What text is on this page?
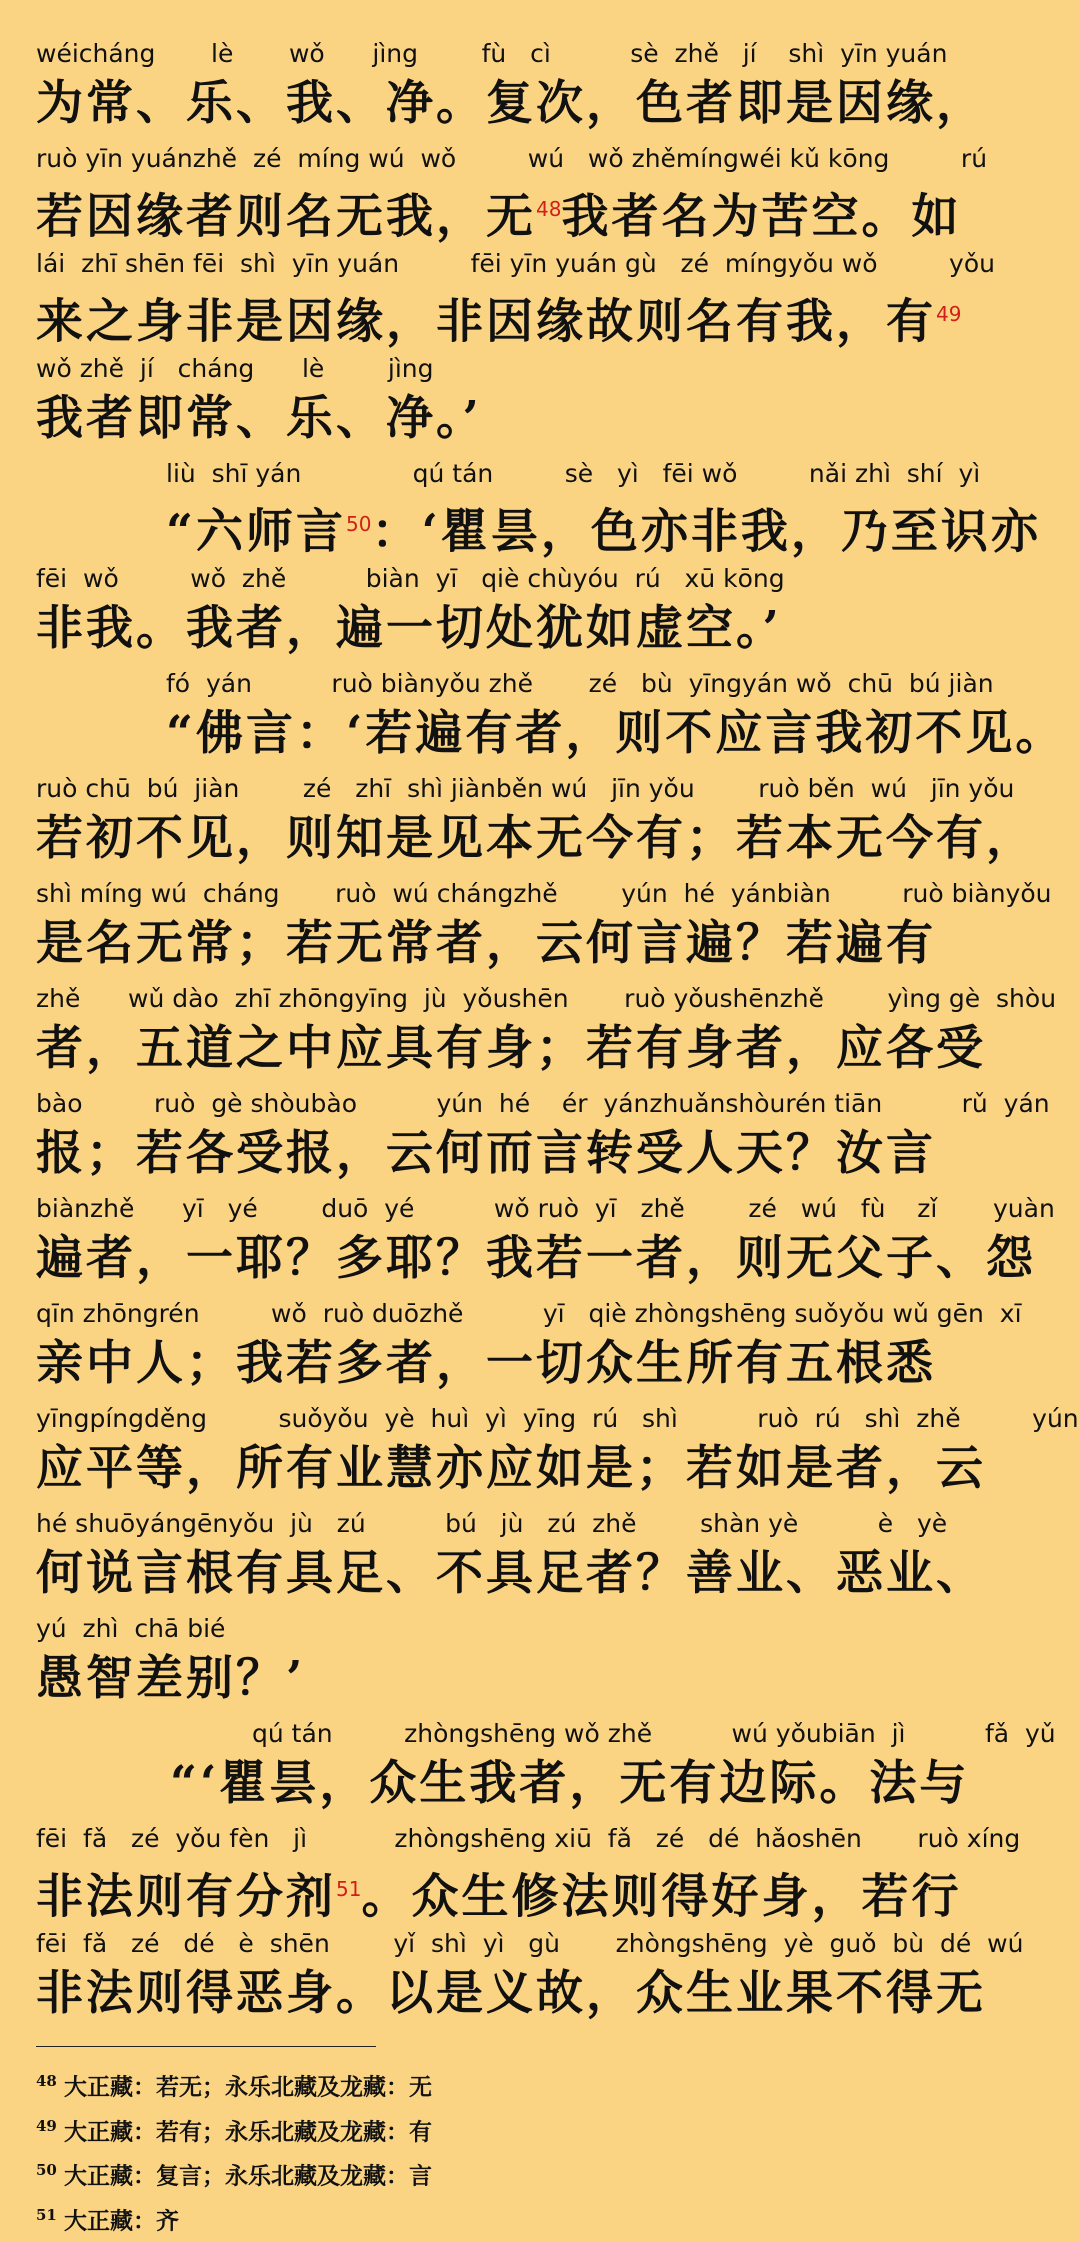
wéicháng       lè       wǒ      jìng        fù   cì          sè  zhě   jí    shì  yīn yuán
为常、乐、我、净。复次，色者即是因缘，
ruò yīn yuánzhě  zé  míng wú  wǒ         wú   wǒ zhěmíngwéi kǔ kōng         rú
若因缘者则名无我，无$^{48}$我者名为苦空。如
lái  zhī shēn fēi  shì  yīn yuán         fēi yīn yuán gù   zé  míngyǒu wǒ         yǒu
来之身非是因缘，非因缘故则名有我，有$^{49}$
wǒ zhě  jí   cháng      lè        jìng
我者即常、乐、净。’
liù  shī yán              qú tán         sè   yì   fēi wǒ         nǎi zhì  shí  yì
“六师言$^{50}$：‘瞿昙，色亦非我，乃至识亦
fēi  wǒ         wǒ  zhě          biàn  yī   qiè chùyóu  rú   xū kōng
非我。我者，遍一切处犹如虚空。’
fó  yán          ruò biànyǒu zhě       zé   bù  yīngyán wǒ  chū  bú jiàn
“佛言：‘若遍有者，则不应言我初不见。
ruò chū  bú  jiàn        zé   zhī  shì jiànběn wú   jīn yǒu        ruò běn  wú   jīn yǒu
若初不见，则知是见本无今有；若本无今有，
shì míng wú  cháng       ruò  wú chángzhě        yún  hé  yánbiàn         ruò biànyǒu
是名无常；若无常者，云何言遍？若遍有
zhě      wǔ dào  zhī zhōngyīng  jù  yǒushēn       ruò yǒushēnzhě        yìng gè  shòu
者，五道之中应具有身；若有身者，应各受
bào         ruò  gè shòubào          yún  hé    ér  yánzhuǎnshòurén tiān          rǔ  yán
报；若各受报，云何而言转受人天？汝言
biànzhě      yī   yé        duō  yé          wǒ ruò  yī   zhě        zé   wú   fù    zǐ       yuàn
遍者，一耶？多耶？我若一者，则无父子、怨
qīn zhōngrén         wǒ  ruò duōzhě          yī   qiè zhòngshēng suǒyǒu wǔ gēn  xī
亲中人；我若多者，一切众生所有五根悉
yīngpíngděng         suǒyǒu  yè  huì  yì  yīng  rú   shì          ruò  rú   shì  zhě         yún
应平等，所有业慧亦应如是；若如是者，云
hé shuōyángēnyǒu  jù   zú          bú   jù   zú  zhě        shàn yè          è   yè
何说言根有具足、不具足者？善业、恶业、
yú  zhì  chā bié
愚智差别？’
qú tán         zhòngshēng wǒ zhě          wú yǒubiān  jì          fǎ  yǔ
“‘瞿昙，众生我者，无有边际。法与
fēi  fǎ   zé  yǒu fèn   jì           zhòngshēng xiū  fǎ   zé   dé  hǎoshēn       ruò xíng
非法则有分剂$^{51}$。众生修法则得好身，若行
fēi  fǎ   zé   dé   è  shēn        yǐ  shì  yì   gù       zhòngshēng  yè  guǒ  bù  dé  wú
非法则得恶身。以是义故，众生业果不得无
48 大正藏：若无；永乐北藏及龙藏：无
49 大正藏：若有；永乐北藏及龙藏：有
50 大正藏：复言；永乐北藏及龙藏：言
51 大正藏：齐
